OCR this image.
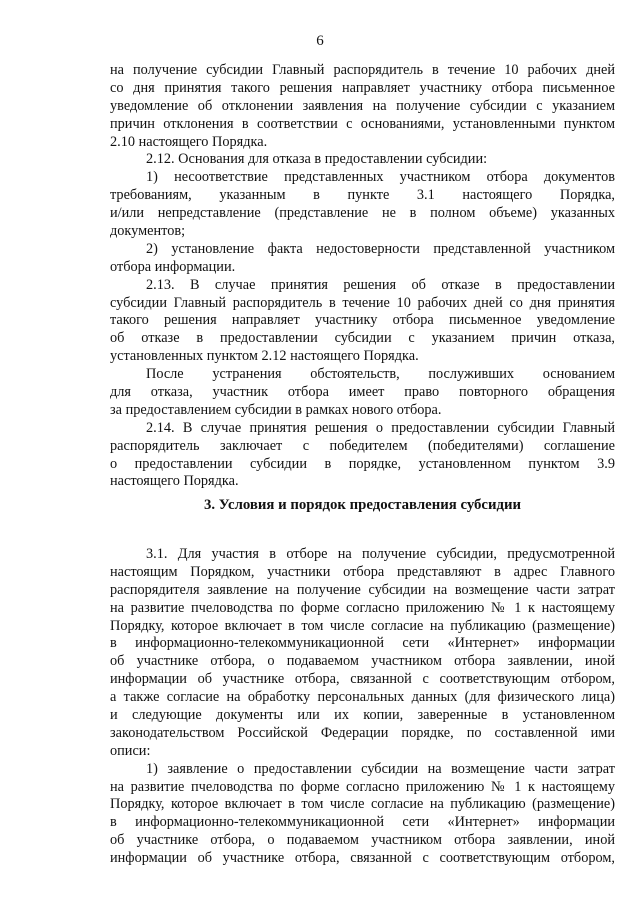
6
на получение субсидии Главный распорядитель в течение 10 рабочих дней
со дня принятия такого решения направляет участнику отбора письменное
уведомление об отклонении заявления на получение субсидии с указанием
причин отклонения в соответствии с основаниями, установленными пунктом
2.10 настоящего Порядка.
2.12. Основания для отказа в предоставлении субсидии:
1) несоответствие представленных участником отбора документов
требованиям, указанным в пункте 3.1 настоящего Порядка,
и/или непредставление (представление не в полном объеме) указанных
документов;
2) установление факта недостоверности представленной участником
отбора информации.
2.13. В случае принятия решения об отказе в предоставлении
субсидии Главный распорядитель в течение 10 рабочих дней со дня принятия
такого решения направляет участнику отбора письменное уведомление
об отказе в предоставлении субсидии с указанием причин отказа,
установленных пунктом 2.12 настоящего Порядка.
После устранения обстоятельств, послуживших основанием
для отказа, участник отбора имеет право повторного обращения
за предоставлением субсидии в рамках нового отбора.
2.14. В случае принятия решения о предоставлении субсидии Главный
распорядитель заключает с победителем (победителями) соглашение
о предоставлении субсидии в порядке, установленном пунктом 3.9
настоящего Порядка.
3. Условия и порядок предоставления субсидии
3.1. Для участия в отборе на получение субсидии, предусмотренной
настоящим Порядком, участники отбора представляют в адрес Главного
распорядителя заявление на получение субсидии на возмещение части затрат
на развитие пчеловодства по форме согласно приложению № 1 к настоящему
Порядку, которое включает в том числе согласие на публикацию (размещение)
в информационно-телекоммуникационной сети «Интернет» информации
об участнике отбора, о подаваемом участником отбора заявлении, иной
информации об участнике отбора, связанной с соответствующим отбором,
а также согласие на обработку персональных данных (для физического лица)
и следующие документы или их копии, заверенные в установленном
законодательством Российской Федерации порядке, по составленной ими
описи:
1) заявление о предоставлении субсидии на возмещение части затрат
на развитие пчеловодства по форме согласно приложению № 1 к настоящему
Порядку, которое включает в том числе согласие на публикацию (размещение)
в информационно-телекоммуникационной сети «Интернет» информации
об участнике отбора, о подаваемом участником отбора заявлении, иной
информации об участнике отбора, связанной с соответствующим отбором,
